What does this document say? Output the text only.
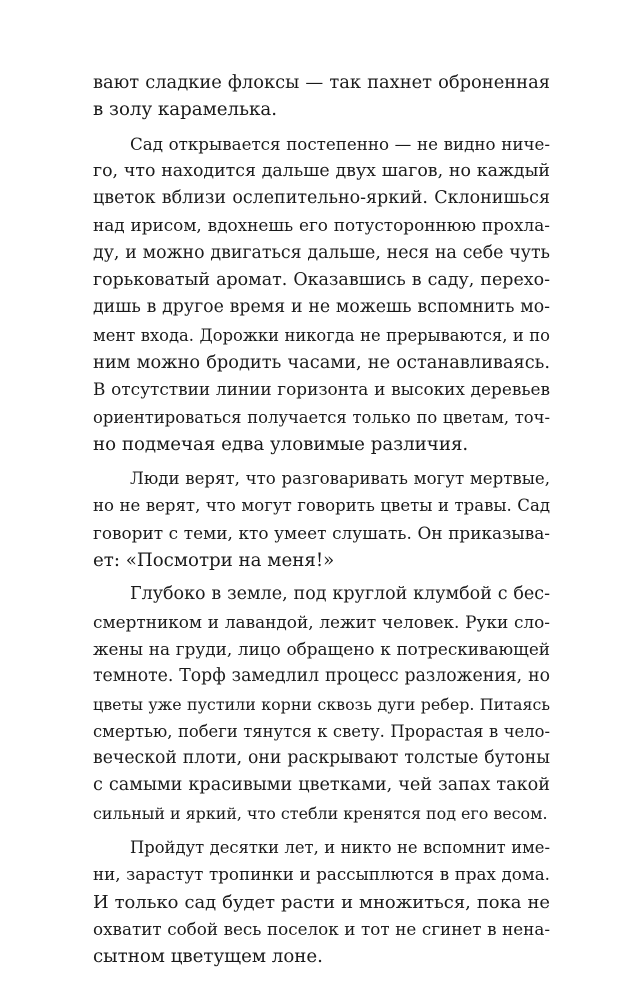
вают сладкие флоксы — так пахнет оброненная
в золу карамелька.
Сад открывается постепенно — не видно ниче-
го, что находится дальше двух шагов, но каждый
цветок вблизи ослепительно-яркий. Склонишься
над ирисом, вдохнешь его потустороннюю прохла-
ду, и можно двигаться дальше, неся на себе чуть
горьковатый аромат. Оказавшись в саду, перехо-
дишь в другое время и не можешь вспомнить мо-
мент входа. Дорожки никогда не прерываются, и по
ним можно бродить часами, не останавливаясь.
В отсутствии линии горизонта и высоких деревьев
ориентироваться получается только по цветам, точ-
но подмечая едва уловимые различия.
Люди верят, что разговаривать могут мертвые,
но не верят, что могут говорить цветы и травы. Сад
говорит с теми, кто умеет слушать. Он приказыва-
ет: «Посмотри на меня!»
Глубоко в земле, под круглой клумбой с бес-
смертником и лавандой, лежит человек. Руки сло-
жены на груди, лицо обращено к потрескивающей
темноте. Торф замедлил процесс разложения, но
цветы уже пустили корни сквозь дуги ребер. Питаясь
смертью, побеги тянутся к свету. Прорастая в чело-
веческой плоти, они раскрывают толстые бутоны
с самыми красивыми цветками, чей запах такой
сильный и яркий, что стебли кренятся под его весом.
Пройдут десятки лет, и никто не вспомнит име-
ни, зарастут тропинки и рассыплются в прах дома.
И только сад будет расти и множиться, пока не
охватит собой весь поселок и тот не сгинет в нена-
сытном цветущем лоне.
